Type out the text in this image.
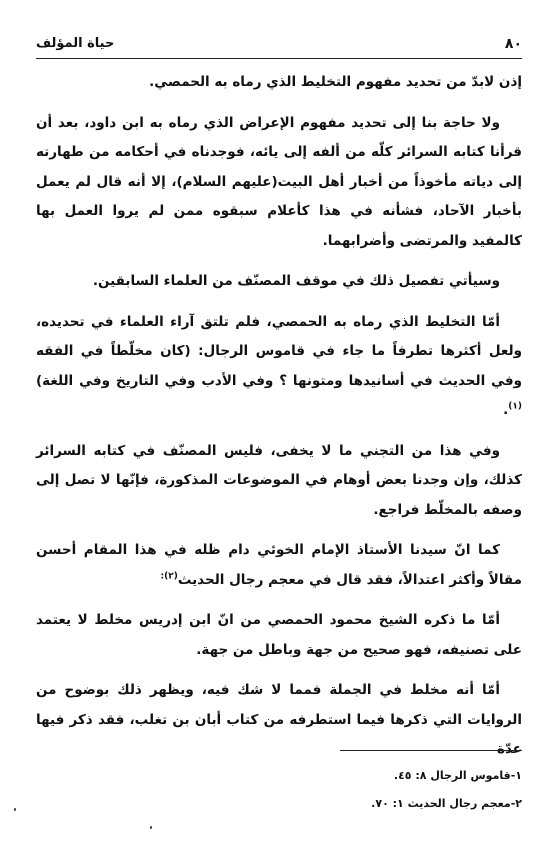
٨٠
حياة المؤلف

إذن لابدّ من تحديد مفهوم التخليط الذي رماه به الحمصي.

ولا حاجة بنا إلى تحديد مفهوم الإعراض الذي رماه به ابن داود، بعد أن قرأنا كتابه السرائر كلّه من ألفه إلى يائه، فوجدناه في أحكامه من طهارته إلى دياته مأخوذاً من أخبار أهل البيت(عليهم السلام)، إلا أنه قال لم يعمل بأخبار الآحاد، فشأنه في هذا كأعلام سبقوه ممن لم يروا العمل بها كالمفيد والمرتضى وأضرابهما.

وسيأتي تفصيل ذلك في موقف المصنّف من العلماء السابقين.

أمّا التخليط الذي رماه به الحمصي، فلم تلتق آراء العلماء في تحديده، ولعل أكثرها تطرفاً ما جاء في قاموس الرجال: (كان مخلّطاً في الفقه وفي الحديث في أسانيدها ومتونها ؟ وفي الأدب وفي التاريخ وفي اللغة)$^{(١)}$.

وفي هذا من التجني ما لا يخفى، فليس المصنّف في كتابه السرائر كذلك، وإن وجدنا بعض أوهام في الموضوعات المذكورة، فإنّها لا تصل إلى وصفه بالمخلّط فراجع.

كما انّ سيدنا الأستاذ الإمام الخوئي دام ظله في هذا المقام أحسن مقالاً وأكثر اعتدالاً، فقد قال في معجم رجال الحديث$^{(٢):}$

أمّا ما ذكره الشيخ محمود الحمصي من انّ ابن إدريس مخلط لا يعتمد على تصنيفه، فهو صحيح من جهة وباطل من جهة.

أمّا أنه مخلط في الجملة فمما لا شك فيه، ويظهر ذلك بوضوح من الروايات التي ذكرها فيما استطرفه من كتاب أبان بن تغلب، فقد ذكر فيها عدّة

١-قاموس الرجال ٨: ٤٥.
٢-معجم رجال الحديث ١: ٧٠.
